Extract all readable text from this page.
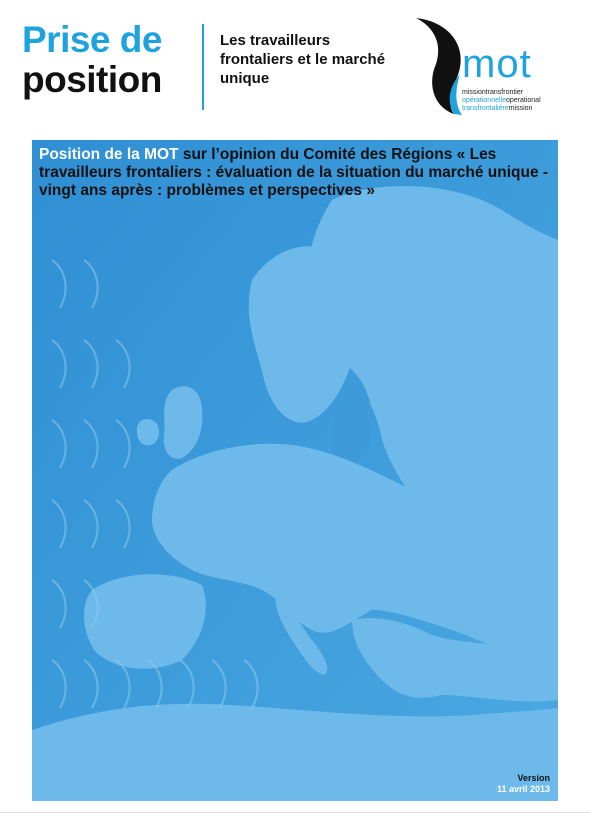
Prise de
position
Les travailleurs frontaliers et le marché unique	mot
missiontransfrontier
opérationnelleoperational
transfrontalièremission
Position de la MOT sur l’opinion du Comité des Régions « Les travailleurs frontaliers : évaluation de la situation du marché unique - vingt ans après : problèmes et perspectives »
Version
11 avril 2013
